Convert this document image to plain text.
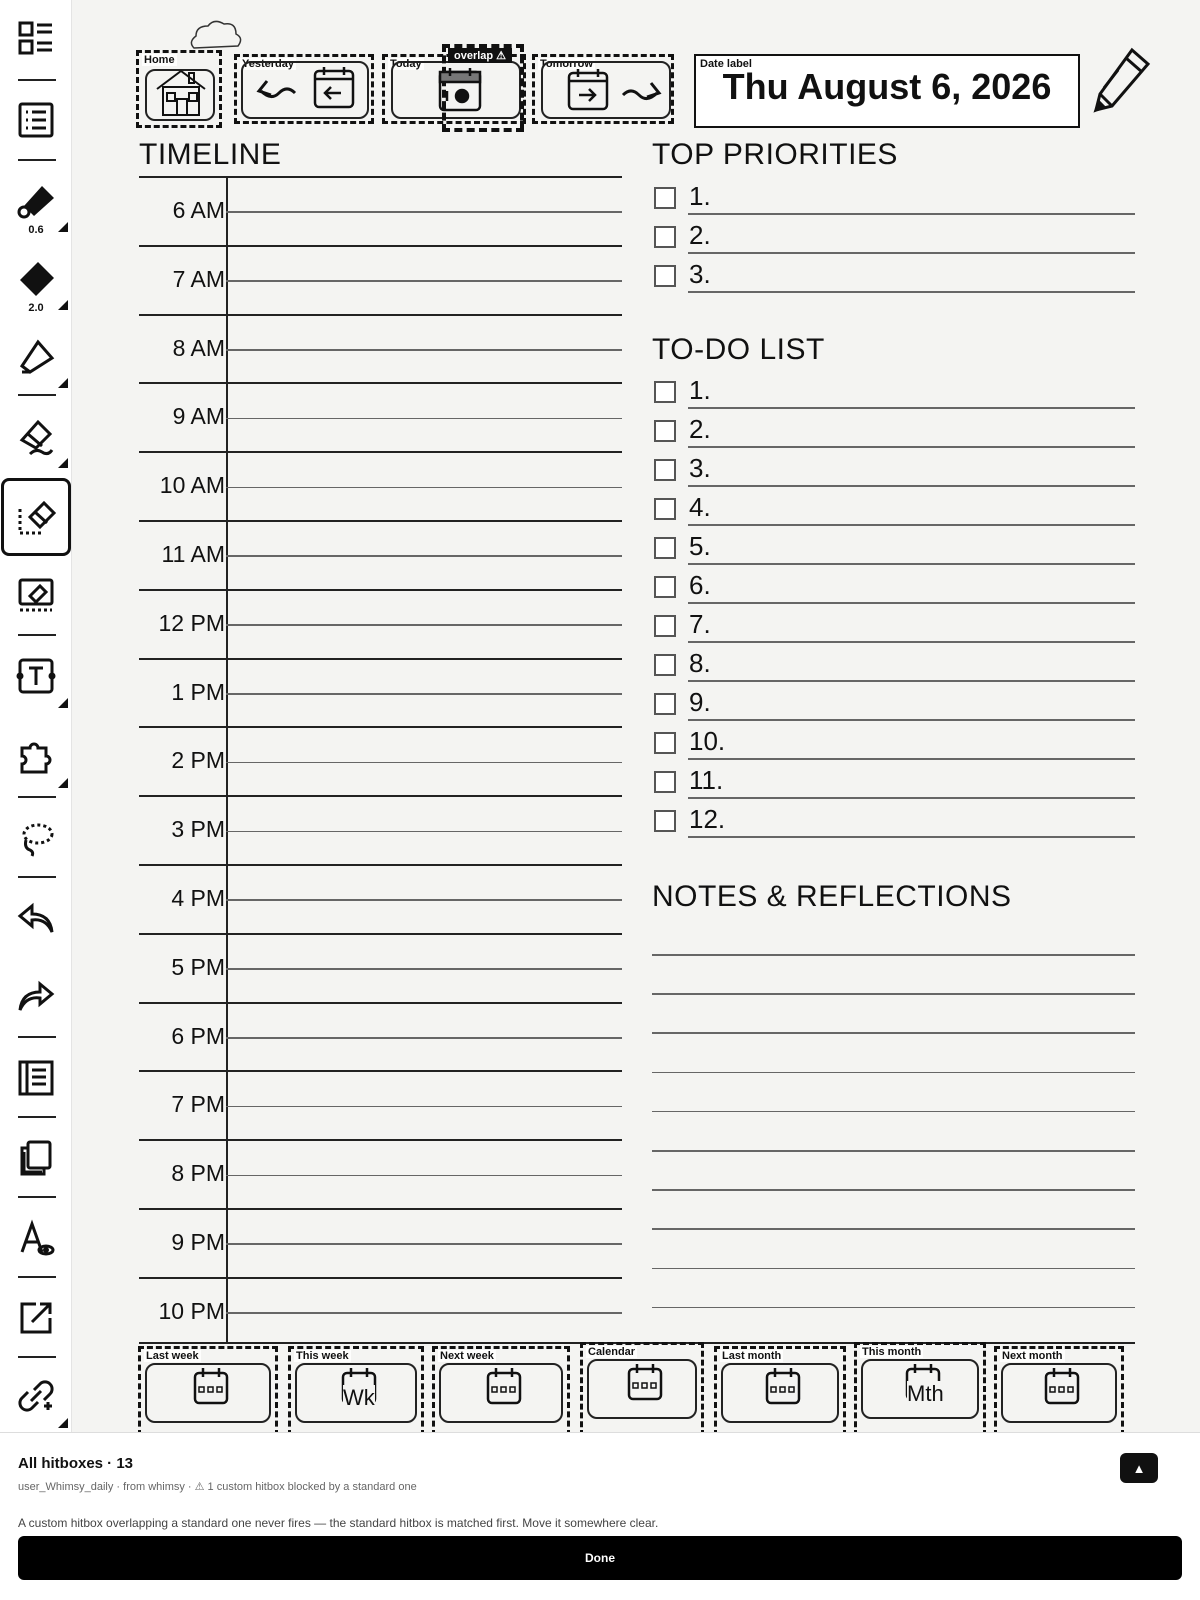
0.6
2.0
Home	Yesterday	Today
overlap ⚠
Tomorrow	Date label
Thu August 6, 2026
TIMELINE	TOP PRIORITIES
TO-DO LIST
NOTES & REFLECTIONS
6 AM
7 AM
8 AM
9 AM
10 AM
11 AM
12 PM
1 PM
2 PM
3 PM
4 PM
5 PM
6 PM
7 PM
8 PM
9 PM
10 PM
1.
2.
3.
1.
2.
3.
4.
5.
6.
7.
8.
9.
10.
11.
12.
Last week	This week
Wk
Next week	Calendar	Last month	This month
Mth
Next month
All hitboxes · 13
user_Whimsy_daily · from whimsy · ⚠ 1 custom hitbox blocked by a standard one
A custom hitbox overlapping a standard one never fires — the standard hitbox is matched first. Move it somewhere clear.
▲
Done
